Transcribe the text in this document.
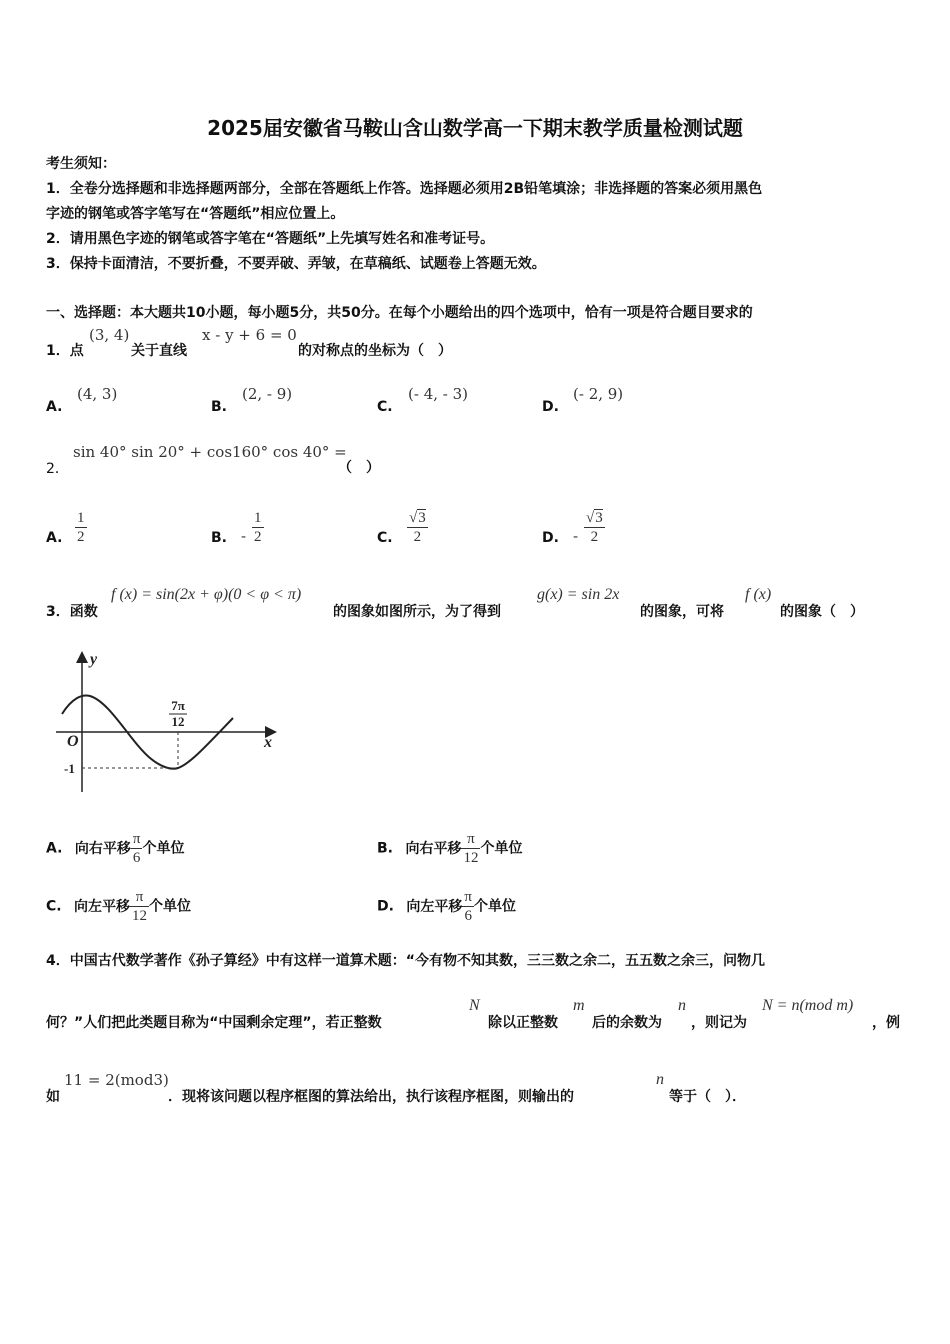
2025届安徽省马鞍山含山数学高一下期末教学质量检测试题
考生须知：
1．全卷分选择题和非选择题两部分，全部在答题纸上作答。选择题必须用2B铅笔填涂；非选择题的答案必须用黑色
字迹的钢笔或答字笔写在“答题纸”相应位置上。
2．请用黑色字迹的钢笔或答字笔在“答题纸”上先填写姓名和准考证号。
3．保持卡面清洁，不要折叠，不要弄破、弄皱，在草稿纸、试题卷上答题无效。
一、选择题：本大题共10小题，每小题5分，共50分。在每个小题给出的四个选项中，恰有一项是符合题目要求的
1．点
(3, 4)
关于直线
x - y + 6 = 0
的对称点的坐标为（　）
A.
(4, 3)
B.
(2, - 9)
C.
(- 4, - 3)
D.
(- 2, 9)
2．
sin 40° sin 20° + cos160° cos 40° =
（　）
A. $\frac{1}{2}$	B. - $\frac{1}{2}$	C. $\frac{√3}{2}$	D. - $\frac{√3}{2}$
3．函数
f (x) = sin(2x + φ)(0 < φ < π)
的图象如图所示，为了得到
g(x) = sin 2x
的图象，可将
f (x)
的图象（　）
y
x
O
7π
12
-1
A. 向右平移 $\frac{\pi}{6}$ 个单位	B. 向右平移 $\frac{\pi}{12}$ 个单位
C. 向左平移 $\frac{\pi}{12}$ 个单位	D. 向左平移 $\frac{\pi}{6}$ 个单位
4．中国古代数学著作《孙子算经》中有这样一道算术题：“今有物不知其数，三三数之余二，五五数之余三，问物几
何？”人们把此类题目称为“中国剩余定理”，若正整数
N
除以正整数
m
后的余数为
n
，则记为
N = n(mod m)
，例
如
11 = 2(mod3)
．现将该问题以程序框图的算法给出，执行该程序框图，则输出的
n
等于（　）．
